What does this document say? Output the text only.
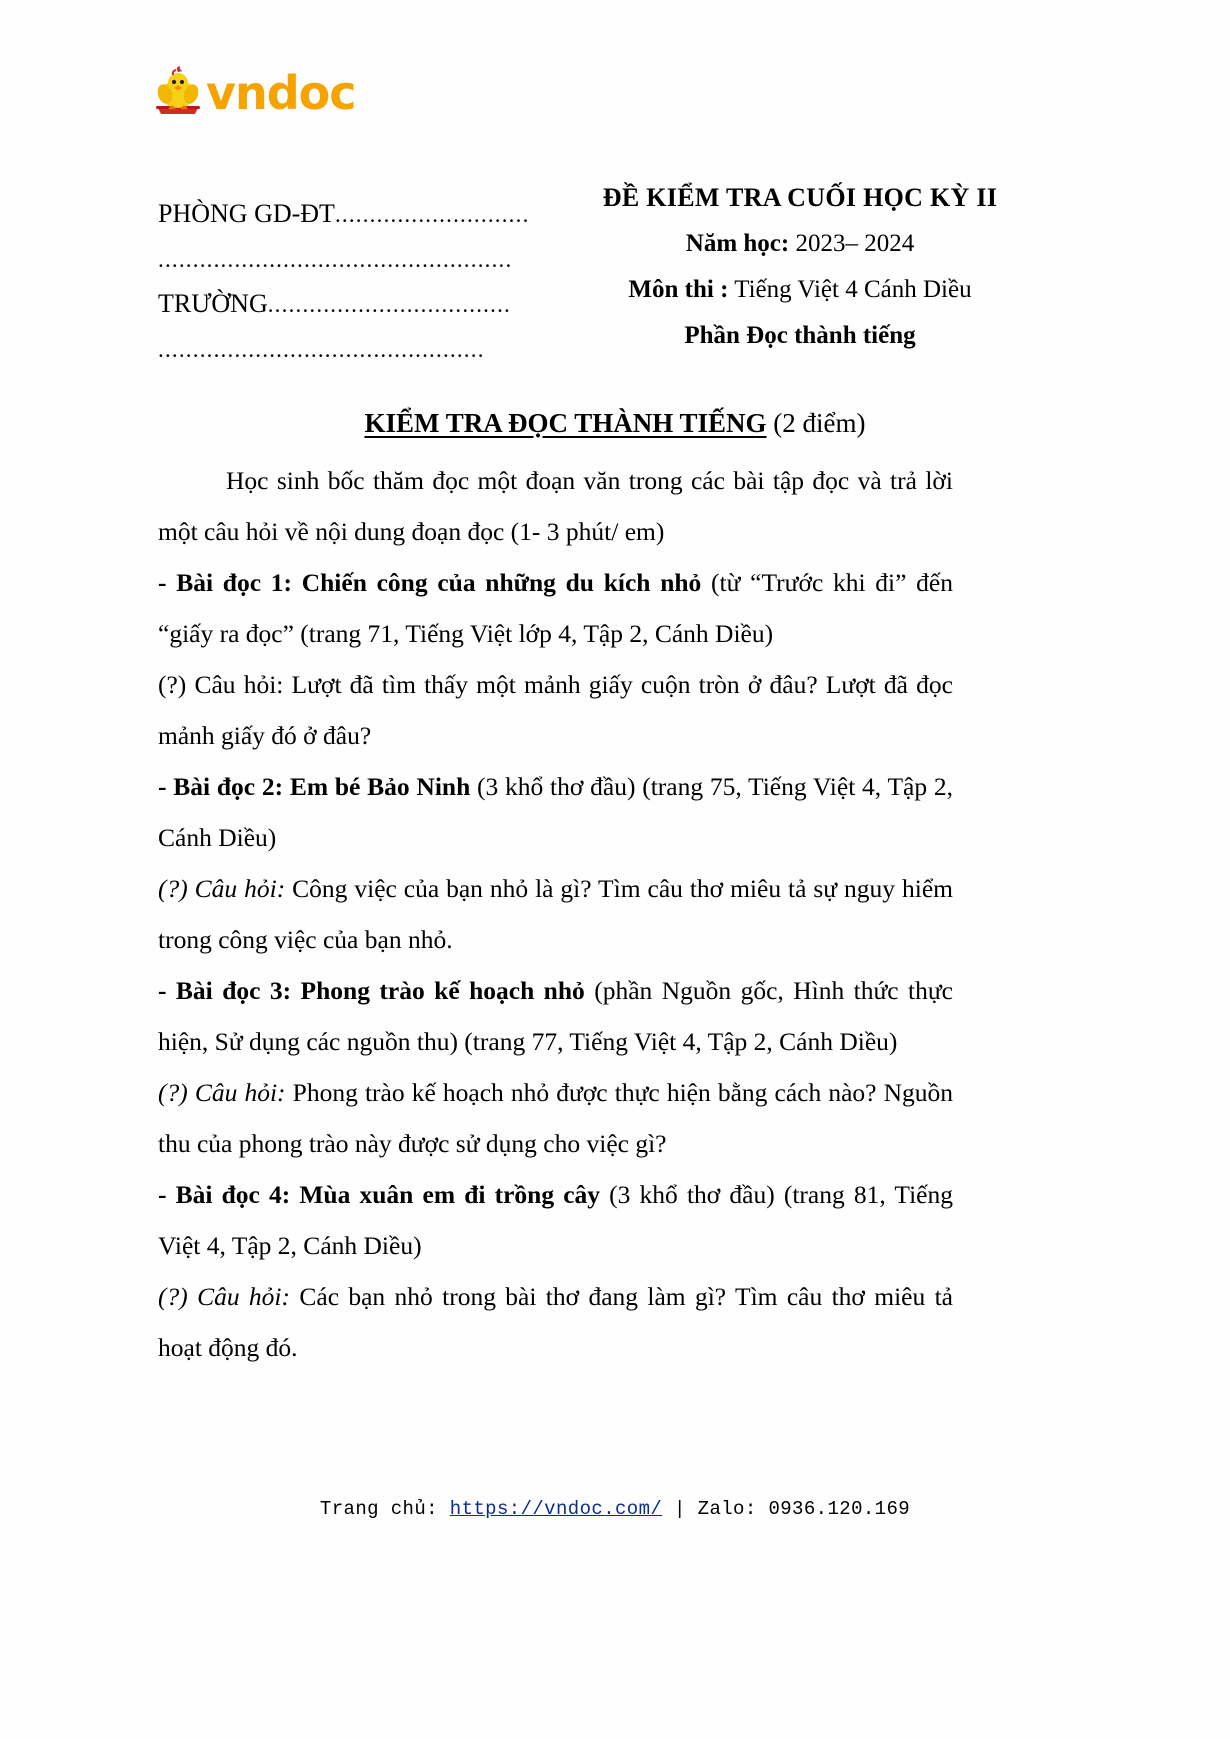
vndoc
PHÒNG GD-ĐT............................
...................................................
TRƯỜNG...................................
...............................................
ĐỀ KIỂM TRA CUỐI HỌC KỲ II
Năm học: 2023– 2024
Môn thi : Tiếng Việt 4 Cánh Diều
Phần Đọc thành tiếng
KIỂM TRA ĐỌC THÀNH TIẾNG (2 điểm)

Học sinh bốc thăm đọc một đoạn văn trong các bài tập đọc và trả lời một câu hỏi về nội dung đoạn đọc (1- 3 phút/ em)

- Bài đọc 1: Chiến công của những du kích nhỏ (từ “Trước khi đi” đến “giấy ra đọc” (trang 71, Tiếng Việt lớp 4, Tập 2, Cánh Diều)

(?) Câu hỏi: Lượt đã tìm thấy một mảnh giấy cuộn tròn ở đâu? Lượt đã đọc mảnh giấy đó ở đâu?

- Bài đọc 2: Em bé Bảo Ninh (3 khổ thơ đầu) (trang 75, Tiếng Việt 4, Tập 2, Cánh Diều)

(?) Câu hỏi: Công việc của bạn nhỏ là gì? Tìm câu thơ miêu tả sự nguy hiểm trong công việc của bạn nhỏ.

- Bài đọc 3: Phong trào kế hoạch nhỏ (phần Nguồn gốc, Hình thức thực hiện, Sử dụng các nguồn thu) (trang 77, Tiếng Việt 4, Tập 2, Cánh Diều)

(?) Câu hỏi: Phong trào kế hoạch nhỏ được thực hiện bằng cách nào? Nguồn thu của phong trào này được sử dụng cho việc gì?

- Bài đọc 4: Mùa xuân em đi trồng cây (3 khổ thơ đầu) (trang 81, Tiếng Việt 4, Tập 2, Cánh Diều)

(?) Câu hỏi: Các bạn nhỏ trong bài thơ đang làm gì? Tìm câu thơ miêu tả hoạt động đó.

Trang chủ: https://vndoc.com/ | Zalo: 0936.120.169
